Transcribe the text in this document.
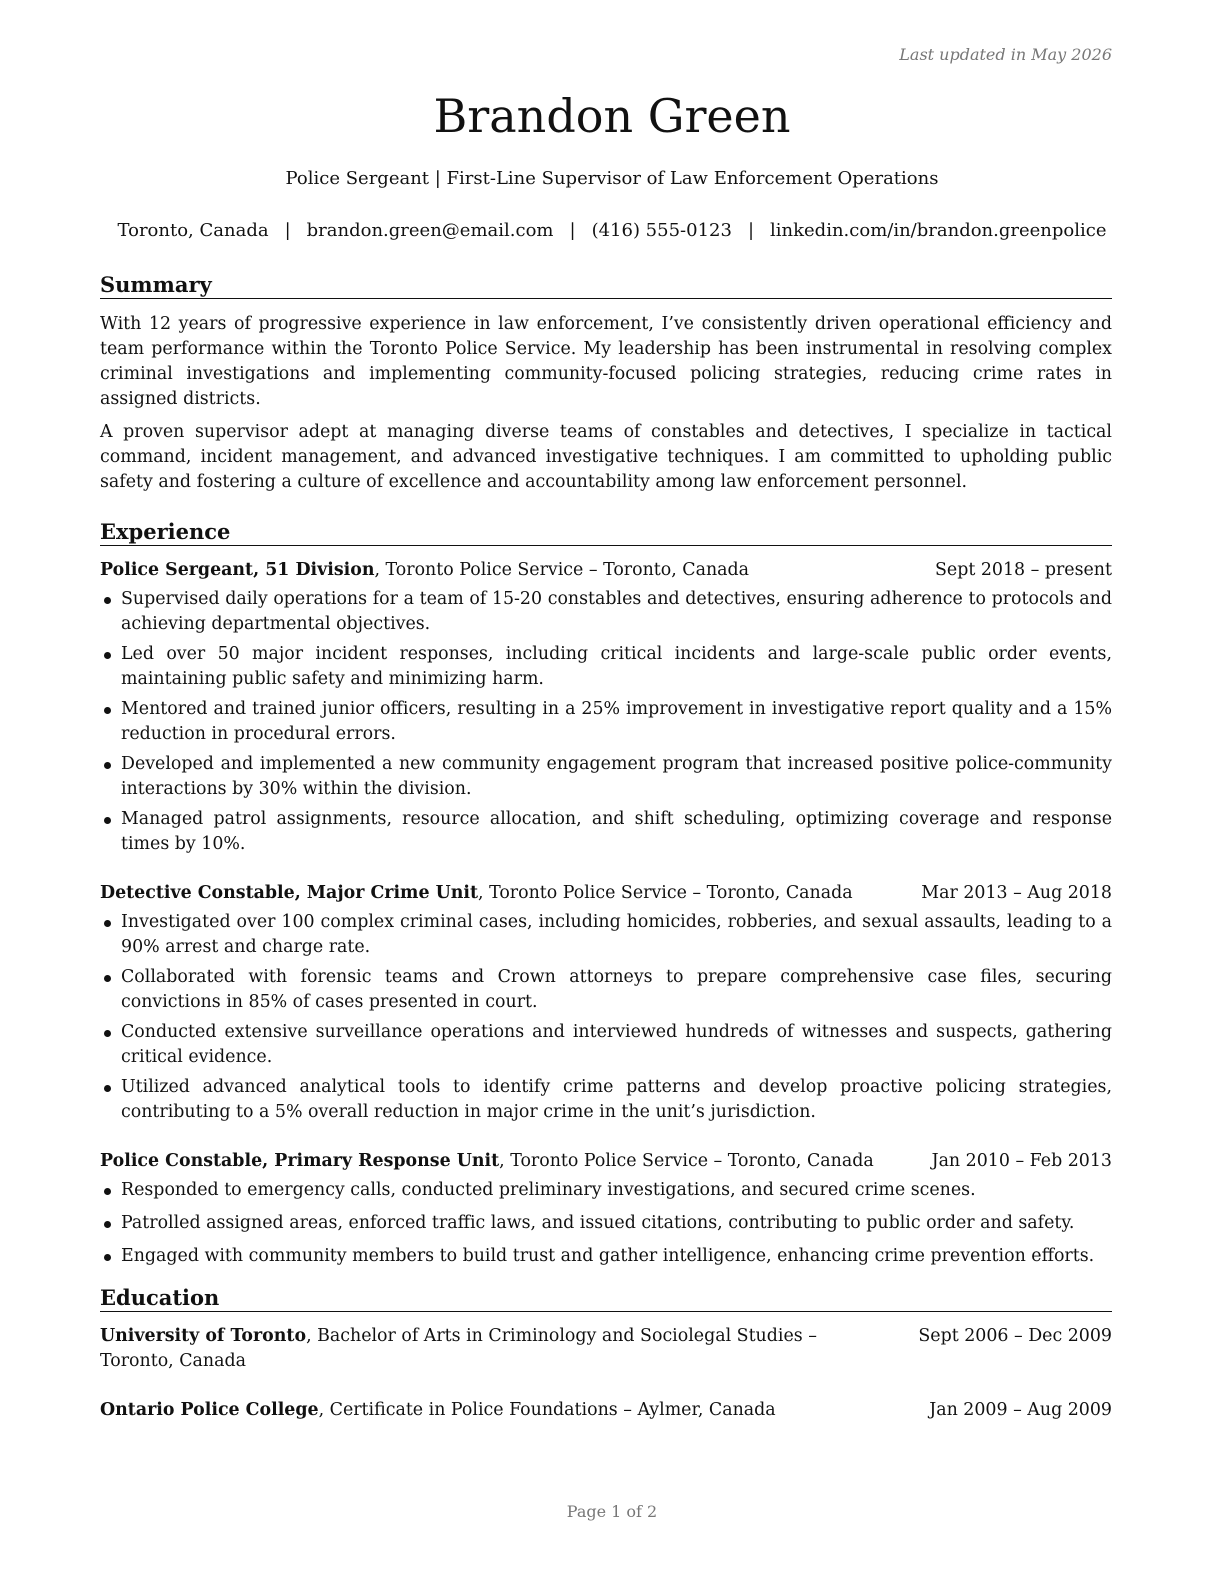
Last updated in May 2026
Brandon Green
Police Sergeant | First-Line Supervisor of Law Enforcement Operations
Toronto, Canada | brandon.green@email.com | (416) 555-0123 | linkedin.com/in/brandon.greenpolice
Summary

With 12 years of progressive experience in law enforcement, I’ve consistently driven operational efficiency and team performance within the Toronto Police Service. My leadership has been instrumental in resolving complex criminal investigations and implementing community-focused policing strategies, reducing crime rates in assigned districts.

A proven supervisor adept at managing diverse teams of constables and detectives, I specialize in tactical command, incident management, and advanced investigative techniques. I am committed to upholding public safety and fostering a culture of excellence and accountability among law enforcement personnel.

Experience
Police Sergeant, 51 Division, Toronto Police Service – Toronto, Canada	Sept 2018 – present
Supervised daily operations for a team of 15-20 constables and detectives, ensuring adherence to protocols and achieving departmental objectives.
Led over 50 major incident responses, including critical incidents and large-scale public order events, maintaining public safety and minimizing harm.
Mentored and trained junior officers, resulting in a 25% improvement in investigative report quality and a 15% reduction in procedural errors.
Developed and implemented a new community engagement program that increased positive police-community interactions by 30% within the division.
Managed patrol assignments, resource allocation, and shift scheduling, optimizing coverage and response times by 10%.
Detective Constable, Major Crime Unit, Toronto Police Service – Toronto, Canada	Mar 2013 – Aug 2018
Investigated over 100 complex criminal cases, including homicides, robberies, and sexual assaults, leading to a 90% arrest and charge rate.
Collaborated with forensic teams and Crown attorneys to prepare comprehensive case files, securing convictions in 85% of cases presented in court.
Conducted extensive surveillance operations and interviewed hundreds of witnesses and suspects, gathering critical evidence.
Utilized advanced analytical tools to identify crime patterns and develop proactive policing strategies, contributing to a 5% overall reduction in major crime in the unit’s jurisdiction.
Police Constable, Primary Response Unit, Toronto Police Service – Toronto, Canada	Jan 2010 – Feb 2013
Responded to emergency calls, conducted preliminary investigations, and secured crime scenes.
Patrolled assigned areas, enforced traffic laws, and issued citations, contributing to public order and safety.
Engaged with community members to build trust and gather intelligence, enhancing crime prevention efforts.
Education
University of Toronto, Bachelor of Arts in Criminology and Sociolegal Studies – Toronto, Canada
Sept 2006 – Dec 2009
Ontario Police College, Certificate in Police Foundations – Aylmer, Canada	Jan 2009 – Aug 2009
Page 1 of 2
